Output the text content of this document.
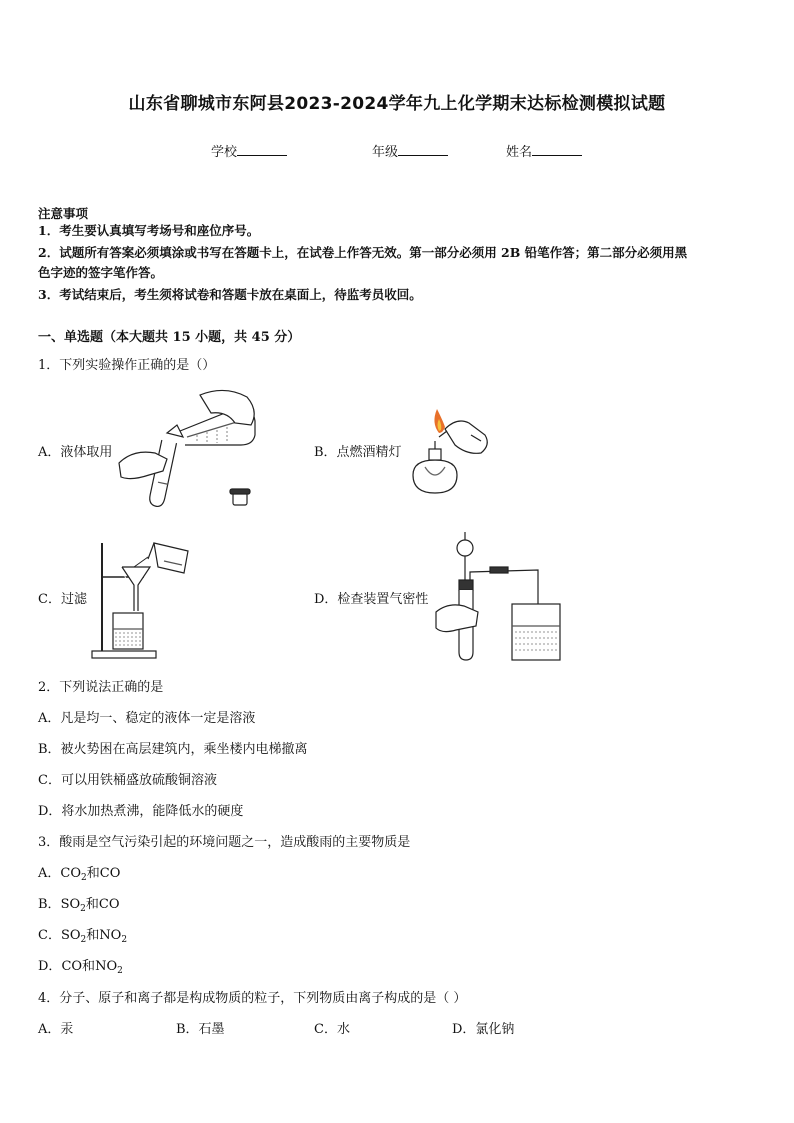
山东省聊城市东阿县2023-2024学年九上化学期末达标检测模拟试题
学校	年级	姓名
注意事项
1．考生要认真填写考场号和座位序号。
2．试题所有答案必须填涂或书写在答题卡上，在试卷上作答无效。第一部分必须用 2B 铅笔作答；第二部分必须用黑
色字迹的签字笔作答。
3．考试结束后，考生须将试卷和答题卡放在桌面上，待监考员收回。
一、单选题（本大题共 15 小题，共 45 分）
1．下列实验操作正确的是（）
A．液体取用	B．点燃酒精灯
C．过滤	D．检查装置气密性
2．下列说法正确的是
A．凡是均一、稳定的液体一定是溶液
B．被火势困在高层建筑内，乘坐楼内电梯撤离
C．可以用铁桶盛放硫酸铜溶液
D．将水加热煮沸，能降低水的硬度
3．酸雨是空气污染引起的环境问题之一，造成酸雨的主要物质是
A．$CO_2$和CO
B．$SO_2$和CO
C．$SO_2$和$NO_2$
D．CO和$NO_2$
4．分子、原子和离子都是构成物质的粒子，下列物质由离子构成的是（ ）
A．汞	B．石墨	C．水	D．氯化钠
